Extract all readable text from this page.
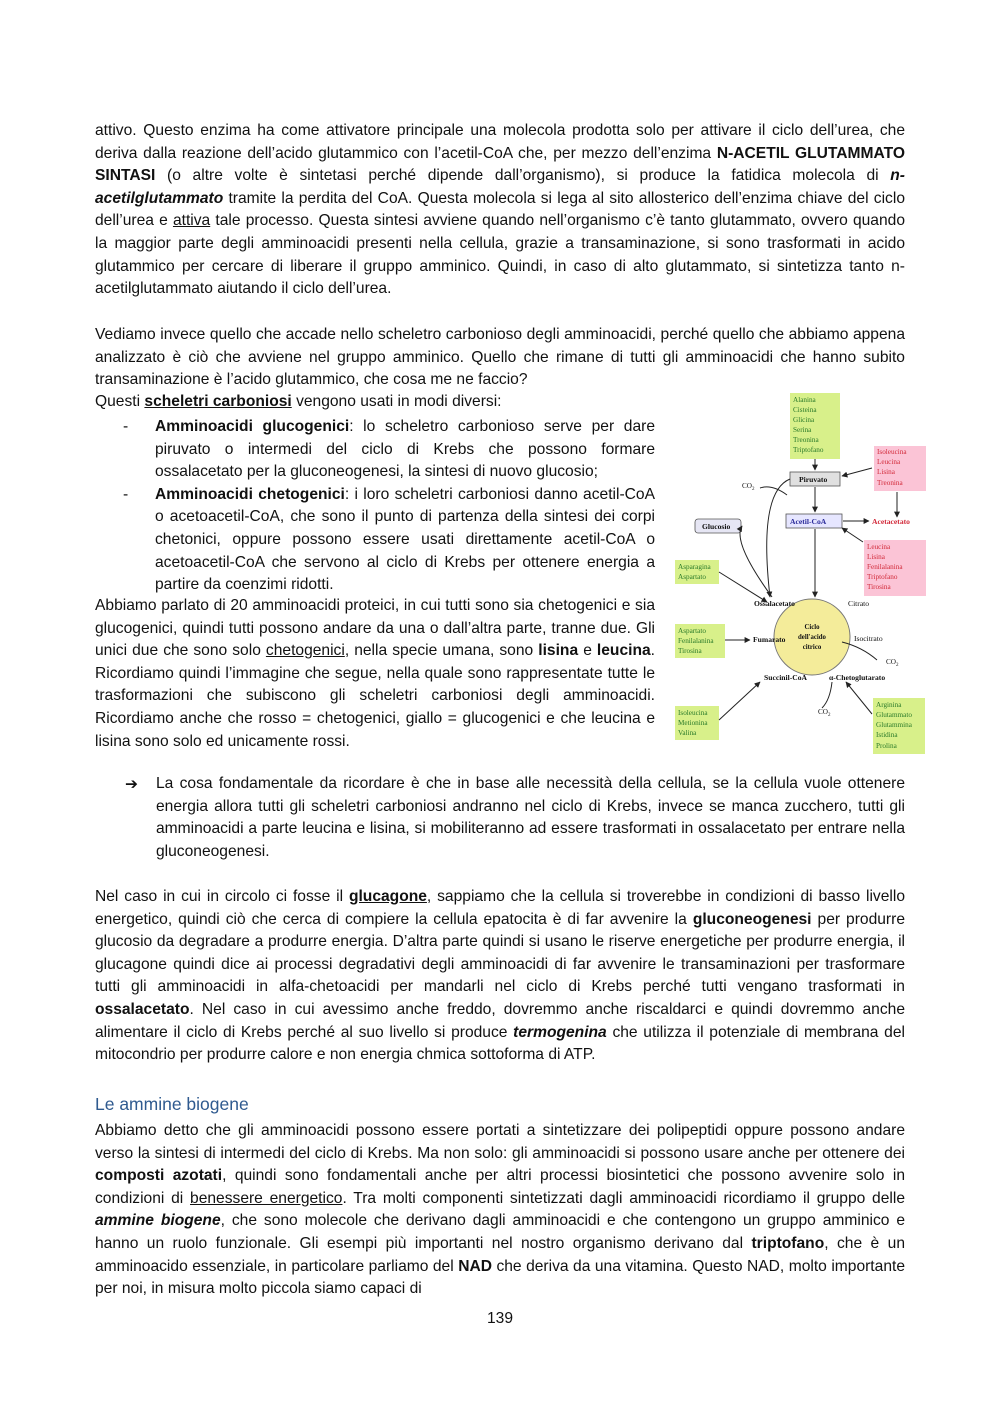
attivo. Questo enzima ha come attivatore principale una molecola prodotta solo per attivare il ciclo dell’urea, che deriva dalla reazione dell’acido glutammico con l’acetil-CoA che, per mezzo dell’enzima N-ACETIL GLUTAMMATO SINTASI (o altre volte è sintetasi perché dipende dall’organismo), si produce la fatidica molecola di n-acetilglutammato tramite la perdita del CoA. Questa molecola si lega al sito allosterico dell’enzima chiave del ciclo dell’urea e attiva tale processo. Questa sintesi avviene quando nell’organismo c’è tanto glutammato, ovvero quando la maggior parte degli amminoacidi presenti nella cellula, grazie a transaminazione, si sono trasformati in acido glutammico per cercare di liberare il gruppo amminico. Quindi, in caso di alto glutammato, si sintetizza tanto n-acetilglutammato aiutando il ciclo dell’urea.

Vediamo invece quello che accade nello scheletro carbonioso degli amminoacidi, perché quello che abbiamo appena analizzato è ciò che avviene nel gruppo amminico. Quello che rimane di tutti gli amminoacidi che hanno subito transaminazione è l’acido glutammico, che cosa me ne faccio?

Questi scheletri carboniosi vengono usati in modi diversi:

- Amminoacidi glucogenici: lo scheletro carbonioso serve per dare piruvato o intermedi del ciclo di Krebs che possono formare ossalacetato per la gluconeogenesi, la sintesi di nuovo glucosio;
- Amminoacidi chetogenici: i loro scheletri carboniosi danno acetil-CoA o acetoacetil-CoA, che sono il punto di partenza della sintesi dei corpi chetonici, oppure possono essere usati direttamente acetil-CoA o acetoacetil-CoA che servono al ciclo di Krebs per ottenere energia a partire da coenzimi ridotti.

Abbiamo parlato di 20 amminoacidi proteici, in cui tutti sono sia chetogenici e sia glucogenici, quindi tutti possono andare da una o dall’altra parte, tranne due. Gli unici due che sono solo chetogenici, nella specie umana, sono lisina e leucina. Ricordiamo quindi l’immagine che segue, nella quale sono rappresentate tutte le trasformazioni che subiscono gli scheletri carboniosi degli amminoacidi. Ricordiamo anche che rosso = chetogenici, giallo = glucogenici e che leucina e lisina sono solo ed unicamente rossi.

Alanina
Cisteina
Glicina
Serina
Treonina
Triptofano	Isoleucina
Leucina
Lisina
Treonina
Leucina
Lisina
Fenilalanina
Triptofano
Tirosina
Asparagina
Aspartato
Aspartato
Fenilalanina
Tirosina
Isoleucina
Metionina
Valina
Arginina
Glutammato
Glutammina
Istidina
Prolina
Piruvato
Acetil-CoA
Glucosio
Ossalacetato
Fumarato
Succinil-CoA	α-Chetoglutarato
Citrato
Isocitrato
Acetacetato
Ciclo
dell'acido
citrico
$CO_2$
$CO_2$
$CO_2$
➔ La cosa fondamentale da ricordare è che in base alle necessità della cellula, se la cellula vuole ottenere energia allora tutti gli scheletri carboniosi andranno nel ciclo di Krebs, invece se manca zucchero, tutti gli amminoacidi a parte leucina e lisina, si mobiliteranno ad essere trasformati in ossalacetato per entrare nella gluconeogenesi.

Nel caso in cui in circolo ci fosse il glucagone, sappiamo che la cellula si troverebbe in condizioni di basso livello energetico, quindi ciò che cerca di compiere la cellula epatocita è di far avvenire la gluconeogenesi per produrre glucosio da degradare a produrre energia. D’altra parte quindi si usano le riserve energetiche per produrre energia, il glucagone quindi dice ai processi degradativi degli amminoacidi di far avvenire le transaminazioni per trasformare tutti gli amminoacidi in alfa-chetoacidi per mandarli nel ciclo di Krebs perché tutti vengano trasformati in ossalacetato. Nel caso in cui avessimo anche freddo, dovremmo anche riscaldarci e quindi dovremmo anche alimentare il ciclo di Krebs perché al suo livello si produce termogenina che utilizza il potenziale di membrana del mitocondrio per produrre calore e non energia chmica sottoforma di ATP.

Le ammine biogene

Abbiamo detto che gli amminoacidi possono essere portati a sintetizzare dei polipeptidi oppure possono andare verso la sintesi di intermedi del ciclo di Krebs. Ma non solo: gli amminoacidi si possono usare anche per ottenere dei composti azotati, quindi sono fondamentali anche per altri processi biosintetici che possono avvenire solo in condizioni di benessere energetico. Tra molti componenti sintetizzati dagli amminoacidi ricordiamo il gruppo delle ammine biogene, che sono molecole che derivano dagli amminoacidi e che contengono un gruppo amminico e hanno un ruolo funzionale. Gli esempi più importanti nel nostro organismo derivano dal triptofano, che è un amminoacido essenziale, in particolare parliamo del NAD che deriva da una vitamina. Questo NAD, molto importante per noi, in misura molto piccola siamo capaci di

139
